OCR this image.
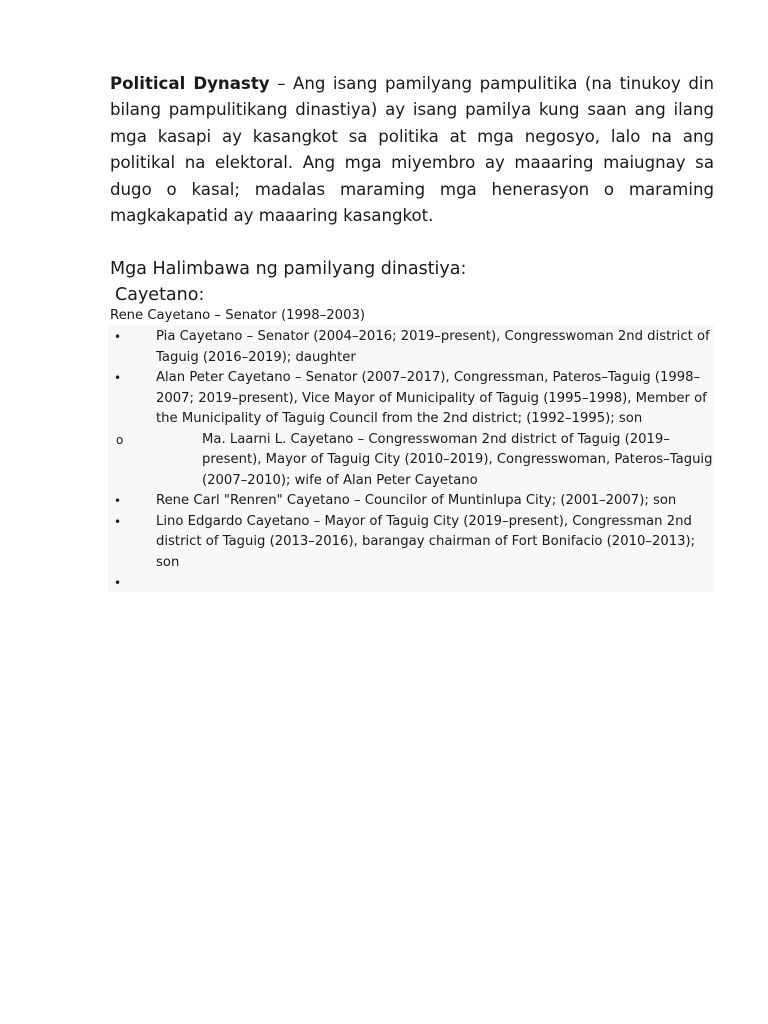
Political Dynasty – Ang isang pamilyang pampulitika (na tinukoy din bilang pampulitikang dinastiya) ay isang pamilya kung saan ang ilang mga kasapi ay kasangkot sa politika at mga negosyo, lalo na ang politikal na elektoral. Ang mga miyembro ay maaaring maiugnay sa dugo o kasal; madalas maraming mga henerasyon o maraming magkakapatid ay maaaring kasangkot.

Mga Halimbawa ng pamilyang dinastiya:
Cayetano:

Rene Cayetano – Senator (1998–2003)

•	Pia Cayetano – Senator (2004–2016; 2019–present), Congresswoman 2nd district of Taguig (2016–2019); daughter
•	Alan Peter Cayetano – Senator (2007–2017), Congressman, Pateros–Taguig (1998–2007; 2019–present), Vice Mayor of Municipality of Taguig (1995–1998), Member of the Municipality of Taguig Council from the 2nd district; (1992–1995); son
o	Ma. Laarni L. Cayetano – Congresswoman 2nd district of Taguig (2019–present), Mayor of Taguig City (2010–2019), Congresswoman, Pateros–Taguig (2007–2010); wife of Alan Peter Cayetano
•	Rene Carl "Renren" Cayetano – Councilor of Muntinlupa City; (2001–2007); son
•	Lino Edgardo Cayetano – Mayor of Taguig City (2019–present), Congressman 2nd district of Taguig (2013–2016), barangay chairman of Fort Bonifacio (2010–2013); son
•
